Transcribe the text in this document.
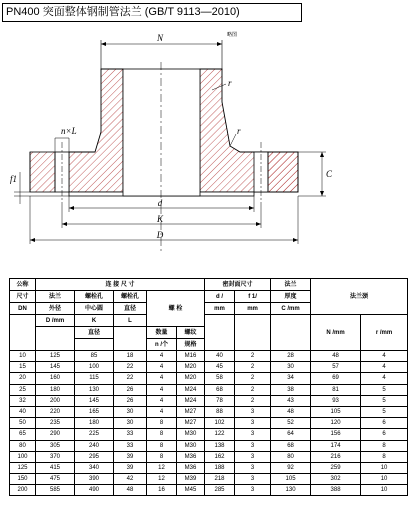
PN400 突面整体钢制管法兰 (GB/T 9113—2010)
略图
N
r
r
n×L
f1	C
d
K
D
公称	连 接 尺 寸					密封面尺寸		法兰	法兰颈	
尺寸	法兰	螺栓孔	螺栓孔	螺 栓		d /	f 1/	厚度		
DN	外径	中心圆	直径			mm	mm	C /mm		
	D /mm	K	L						N /mm	r /mm
		直径		数量	螺纹					
				n /个	规格					
10	125	85	18	4	M16	40	2	28	48	4
15	145	100	22	4	M20	45	2	30	57	4
20	160	115	22	4	M20	58	2	34	69	4
25	180	130	26	4	M24	68	2	38	81	5
32	200	145	26	4	M24	78	2	43	93	5
40	220	165	30	4	M27	88	3	48	105	5
50	235	180	30	8	M27	102	3	52	120	6
65	290	225	33	8	M30	122	3	64	156	6
80	305	240	33	8	M30	138	3	68	174	8
100	370	295	39	8	M36	162	3	80	216	8
125	415	340	39	12	M36	188	3	92	259	10
150	475	390	42	12	M39	218	3	105	302	10
200	585	490	48	16	M45	285	3	130	388	10
